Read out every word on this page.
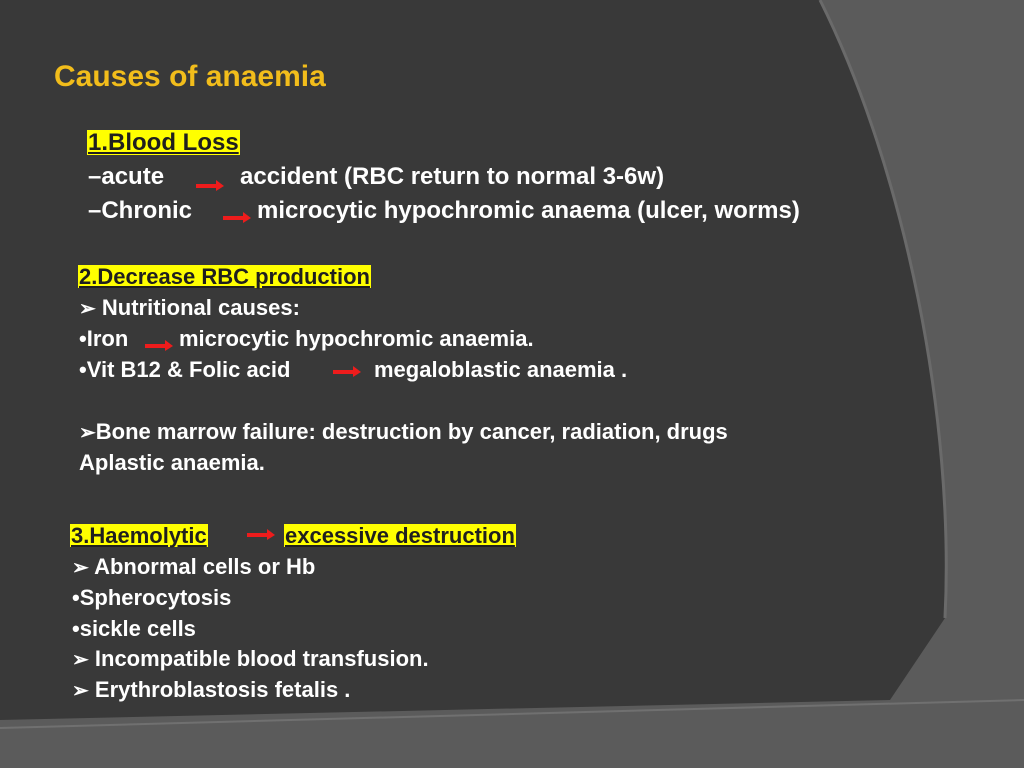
Causes of anaemia
1.Blood Loss
–acute	accident (RBC return to normal 3-6w)
–Chronic	microcytic hypochromic anaema (ulcer, worms)
2.Decrease RBC production
➢ Nutritional causes:
•Iron microcytic hypochromic anaemia.
•Vit B12 & Folic acid	megaloblastic anaemia .
➢Bone marrow failure: destruction by cancer, radiation, drugs
Aplastic anaemia.
3.Haemolytic	excessive destruction
➢ Abnormal cells or Hb
•Spherocytosis
•sickle cells
➢ Incompatible blood transfusion.
➢ Erythroblastosis fetalis .
